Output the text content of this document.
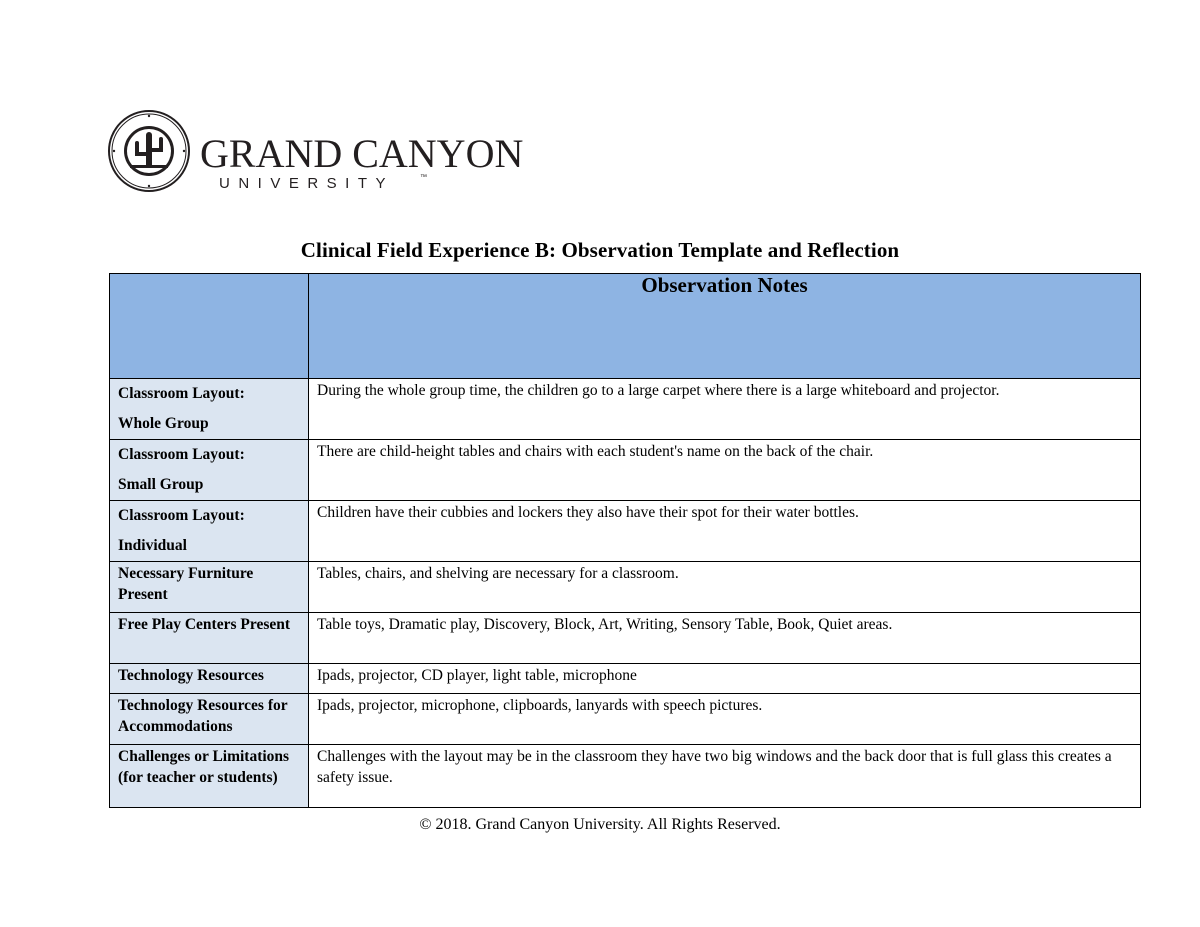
GRAND CANYON
UNIVERSITY	™
Clinical Field Experience B: Observation Template and Reflection
	Observation Notes

Classroom Layout:
Whole Group	During the whole group time, the children go to a large carpet where there is a large whiteboard and projector.

Classroom Layout:
Small Group	There are child-height tables and chairs with each student's name on the back of the chair.

Classroom Layout:
Individual	Children have their cubbies and lockers they also have their spot for their water bottles.
Necessary Furniture Present	Tables, chairs, and shelving are necessary for a classroom.
Free Play Centers Present	Table toys, Dramatic play, Discovery, Block, Art, Writing, Sensory Table, Book, Quiet areas.
Technology Resources	Ipads, projector, CD player, light table, microphone
Technology Resources for Accommodations	Ipads, projector, microphone, clipboards, lanyards with speech pictures.
Challenges or Limitations (for teacher or students)	Challenges with the layout may be in the classroom they have two big windows and the back door that is full glass this creates a safety issue.
© 2018. Grand Canyon University. All Rights Reserved.
